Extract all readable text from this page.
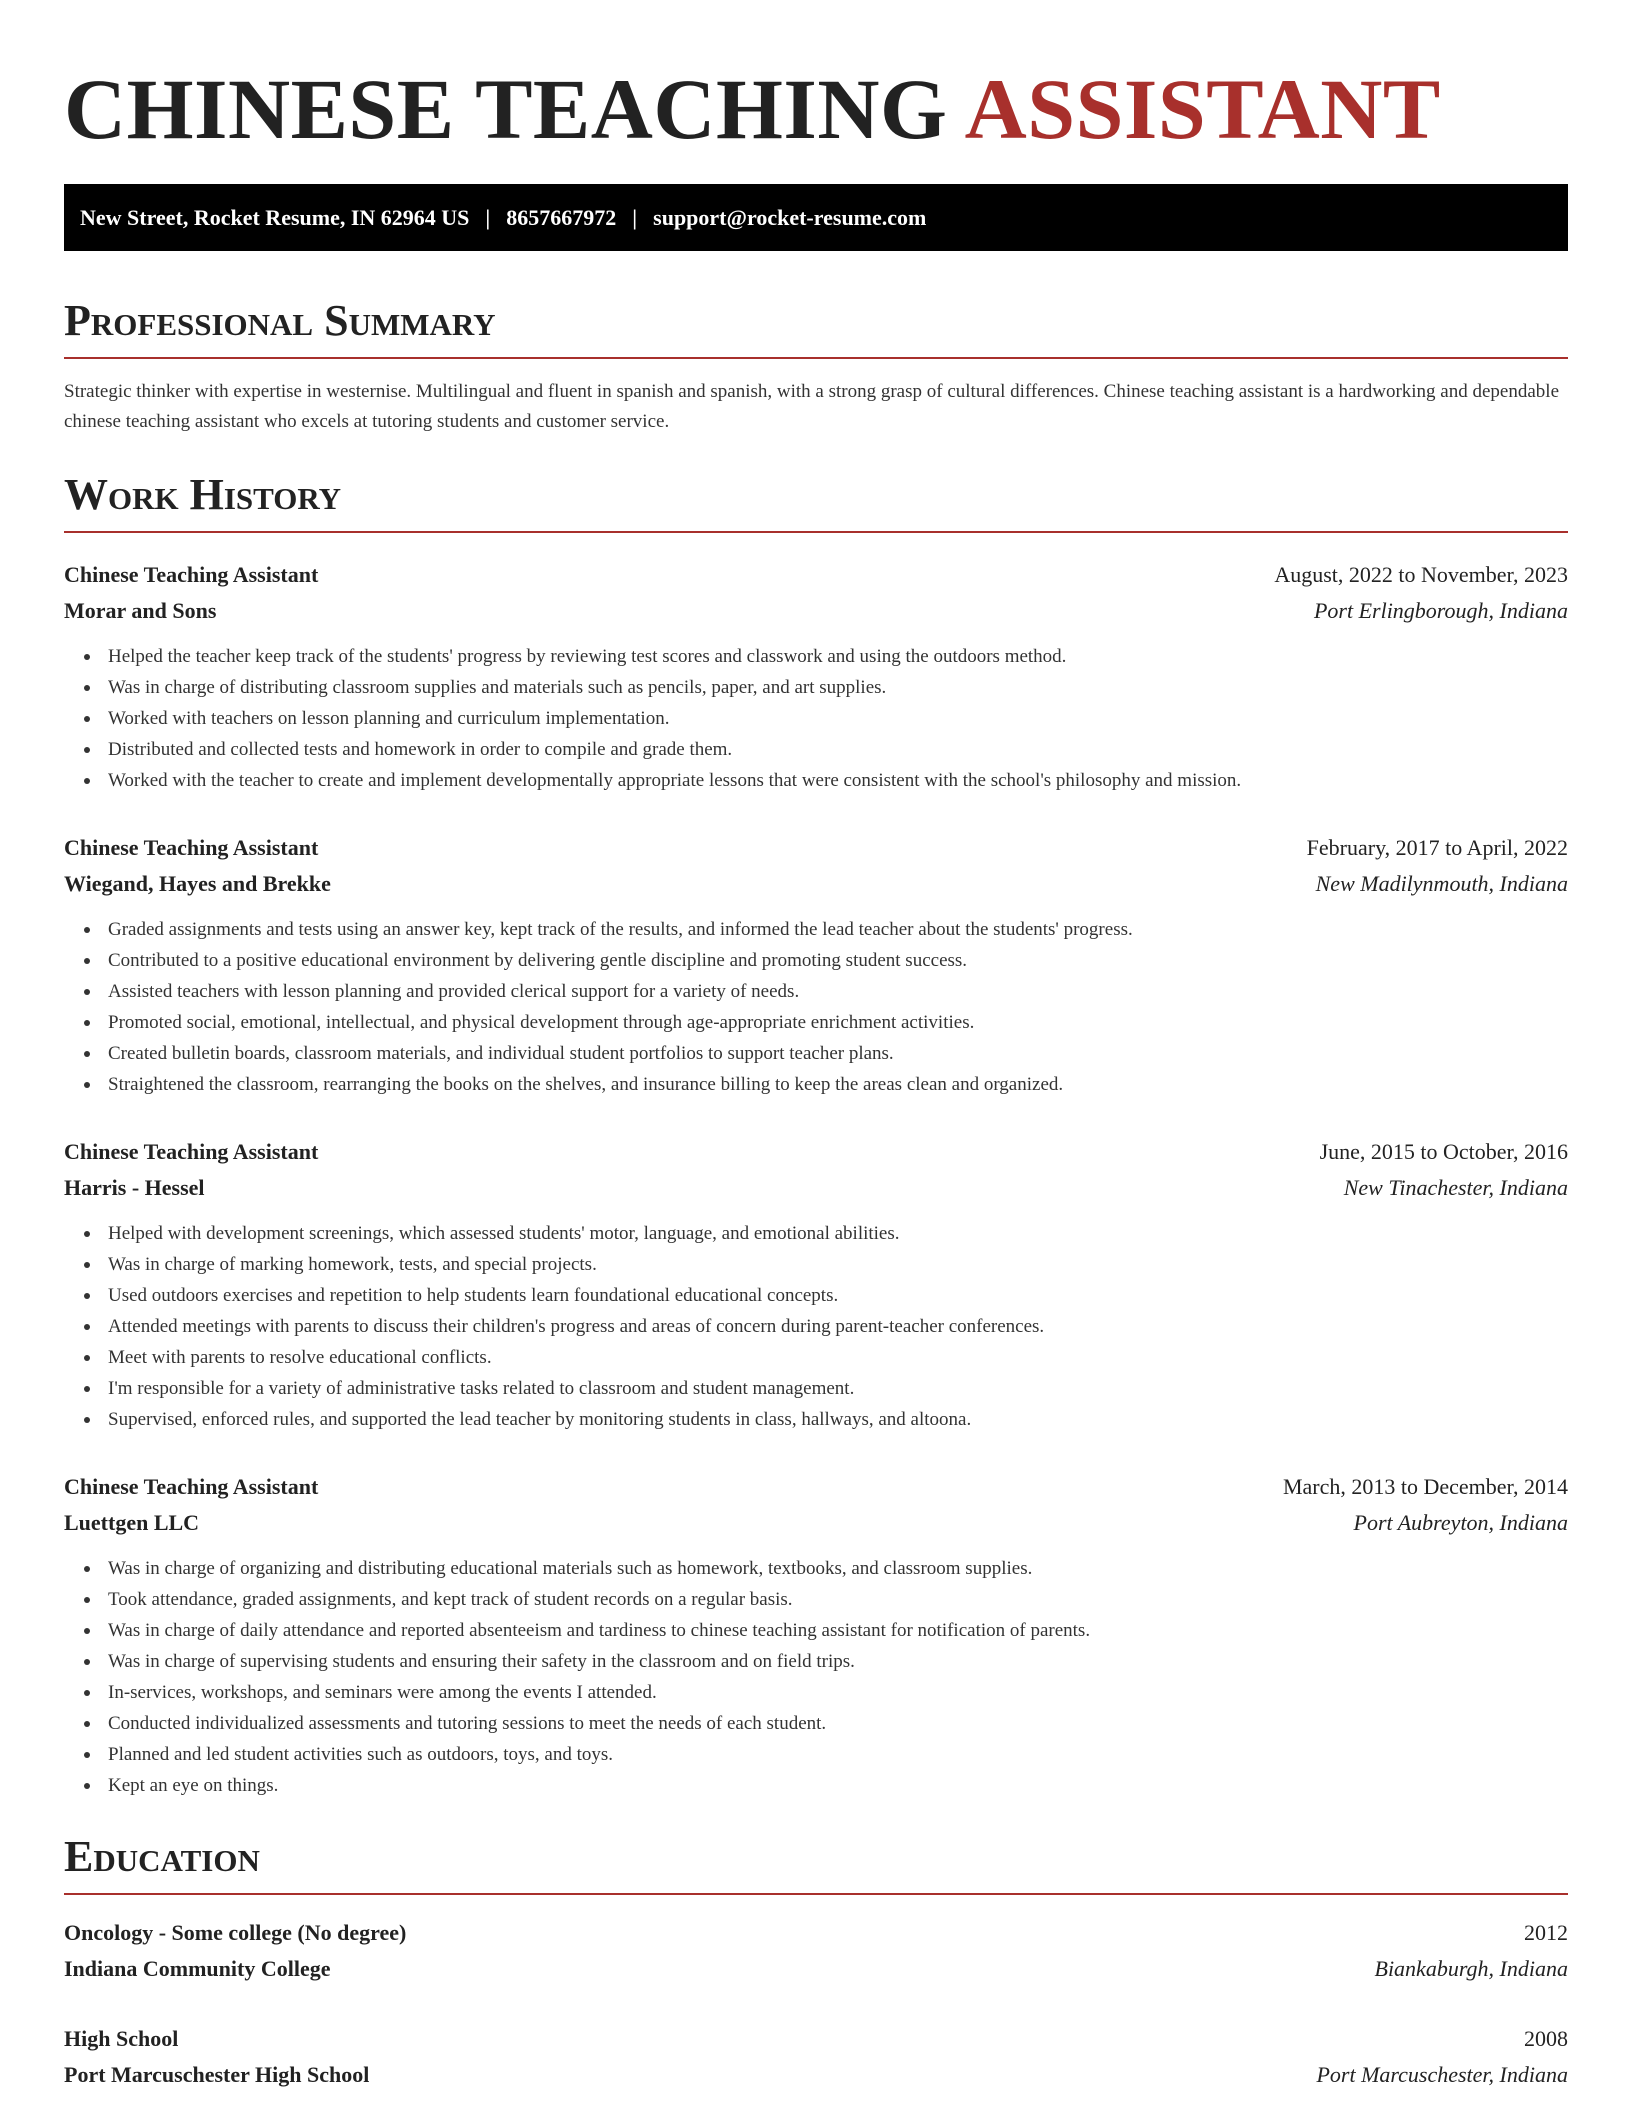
CHINESE TEACHING ASSISTANT
New Street, Rocket Resume, IN 62964 US | 8657667972 | support@rocket-resume.com
Professional Summary

Strategic thinker with expertise in westernise. Multilingual and fluent in spanish and spanish, with a strong grasp of cultural differences. Chinese teaching assistant is a hardworking and dependable chinese teaching assistant who excels at tutoring students and customer service.

Work History
Chinese Teaching Assistant	August, 2022 to November, 2023
Morar and Sons	Port Erlingborough, Indiana
Helped the teacher keep track of the students' progress by reviewing test scores and classwork and using the outdoors method.
Was in charge of distributing classroom supplies and materials such as pencils, paper, and art supplies.
Worked with teachers on lesson planning and curriculum implementation.
Distributed and collected tests and homework in order to compile and grade them.
Worked with the teacher to create and implement developmentally appropriate lessons that were consistent with the school's philosophy and mission.
Chinese Teaching Assistant	February, 2017 to April, 2022
Wiegand, Hayes and Brekke	New Madilynmouth, Indiana
Graded assignments and tests using an answer key, kept track of the results, and informed the lead teacher about the students' progress.
Contributed to a positive educational environment by delivering gentle discipline and promoting student success.
Assisted teachers with lesson planning and provided clerical support for a variety of needs.
Promoted social, emotional, intellectual, and physical development through age-appropriate enrichment activities.
Created bulletin boards, classroom materials, and individual student portfolios to support teacher plans.
Straightened the classroom, rearranging the books on the shelves, and insurance billing to keep the areas clean and organized.
Chinese Teaching Assistant	June, 2015 to October, 2016
Harris - Hessel	New Tinachester, Indiana
Helped with development screenings, which assessed students' motor, language, and emotional abilities.
Was in charge of marking homework, tests, and special projects.
Used outdoors exercises and repetition to help students learn foundational educational concepts.
Attended meetings with parents to discuss their children's progress and areas of concern during parent-teacher conferences.
Meet with parents to resolve educational conflicts.
I'm responsible for a variety of administrative tasks related to classroom and student management.
Supervised, enforced rules, and supported the lead teacher by monitoring students in class, hallways, and altoona.
Chinese Teaching Assistant	March, 2013 to December, 2014
Luettgen LLC	Port Aubreyton, Indiana
Was in charge of organizing and distributing educational materials such as homework, textbooks, and classroom supplies.
Took attendance, graded assignments, and kept track of student records on a regular basis.
Was in charge of daily attendance and reported absenteeism and tardiness to chinese teaching assistant for notification of parents.
Was in charge of supervising students and ensuring their safety in the classroom and on field trips.
In-services, workshops, and seminars were among the events I attended.
Conducted individualized assessments and tutoring sessions to meet the needs of each student.
Planned and led student activities such as outdoors, toys, and toys.
Kept an eye on things.
Education
Oncology - Some college (No degree)	2012
Indiana Community College	Biankaburgh, Indiana
High School	2008
Port Marcuschester High School	Port Marcuschester, Indiana
